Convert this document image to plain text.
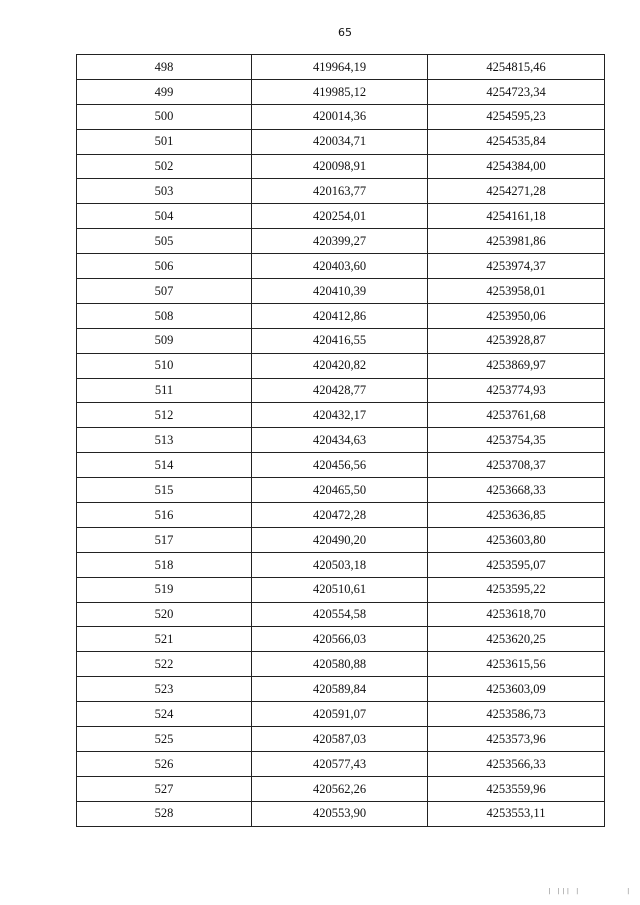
65
498	419964,19	4254815,46
499	419985,12	4254723,34
500	420014,36	4254595,23
501	420034,71	4254535,84
502	420098,91	4254384,00
503	420163,77	4254271,28
504	420254,01	4254161,18
505	420399,27	4253981,86
506	420403,60	4253974,37
507	420410,39	4253958,01
508	420412,86	4253950,06
509	420416,55	4253928,87
510	420420,82	4253869,97
511	420428,77	4253774,93
512	420432,17	4253761,68
513	420434,63	4253754,35
514	420456,56	4253708,37
515	420465,50	4253668,33
516	420472,28	4253636,85
517	420490,20	4253603,80
518	420503,18	4253595,07
519	420510,61	4253595,22
520	420554,58	4253618,70
521	420566,03	4253620,25
522	420580,88	4253615,56
523	420589,84	4253603,09
524	420591,07	4253586,73
525	420587,03	4253573,96
526	420577,43	4253566,33
527	420562,26	4253559,96
528	420553,90	4253553,11
| ||| |	|
